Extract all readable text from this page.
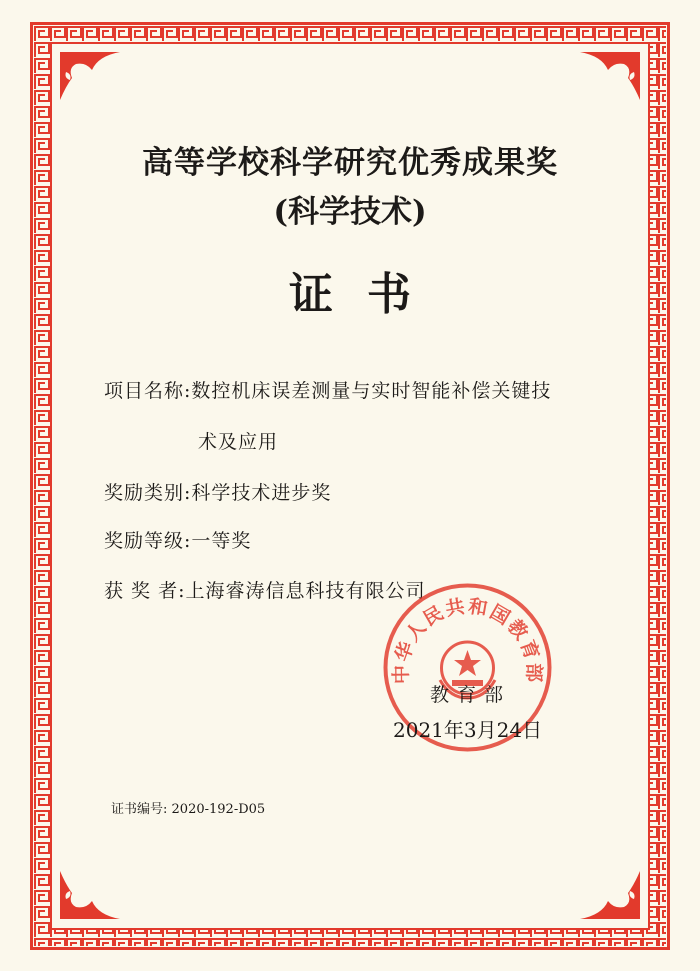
高等学校科学研究优秀成果奖
(科学技术)
证书
项目名称:数控机床误差测量与实时智能补偿关键技
术及应用
奖励类别:科学技术进步奖
奖励等级:一等奖
获 奖 者:上海睿涛信息科技有限公司
中华人民共和国教育部
教育部
2021年3月24日
证书编号: 2020-192-D05
